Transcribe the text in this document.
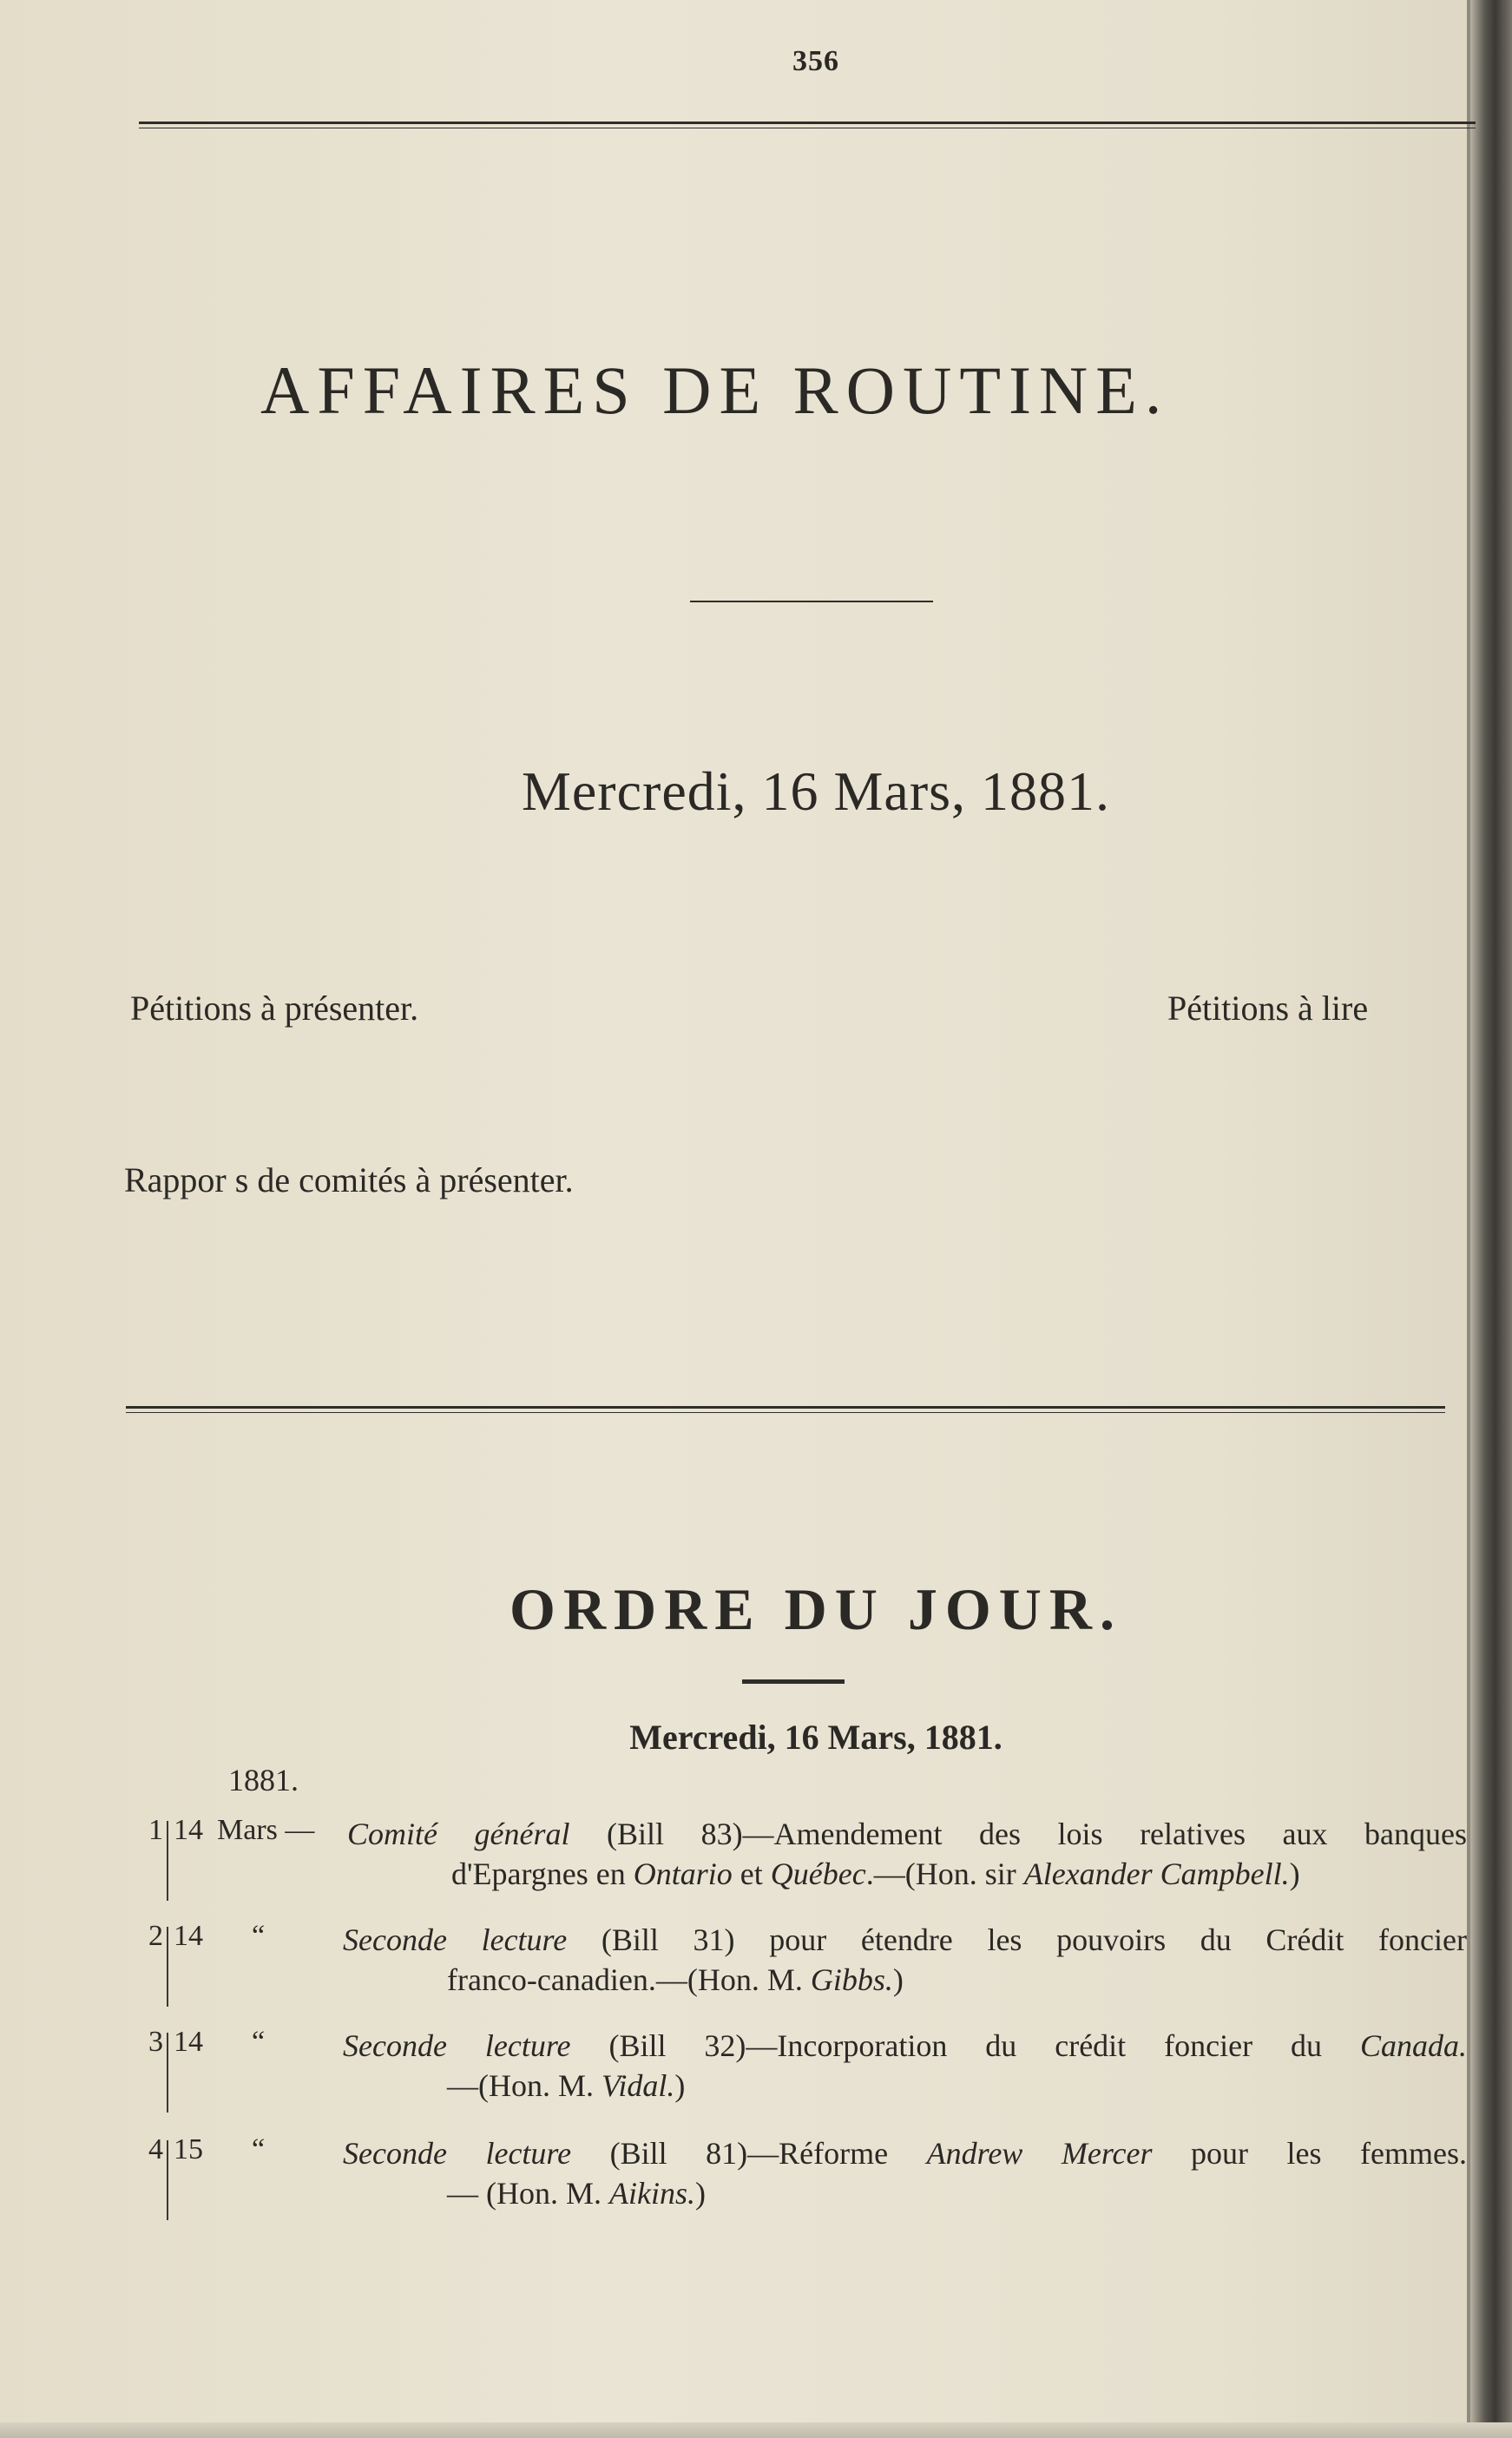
356
AFFAIRES DE ROUTINE.
Mercredi, 16 Mars, 1881.
Pétitions à présenter.	Pétitions à lire
Rappor s de comités à présenter.
ORDRE DU JOUR.
Mercredi, 16 Mars, 1881.
1881.
1 14 Mars — Comité général (Bill 83)—Amendement des lois relatives aux banques

d'Epargnes en Ontario et Québec.—(Hon. sir Alexander Campbell.)

2 14 “ Seconde lecture (Bill 31) pour étendre les pouvoirs du Crédit foncier

franco-canadien.—(Hon. M. Gibbs.)

3 14 “ Seconde lecture (Bill 32)—Incorporation du crédit foncier du Canada.

—(Hon. M. Vidal.)

4 15 “ Seconde lecture (Bill 81)—Réforme Andrew Mercer pour les femmes.

— (Hon. M. Aikins.)
